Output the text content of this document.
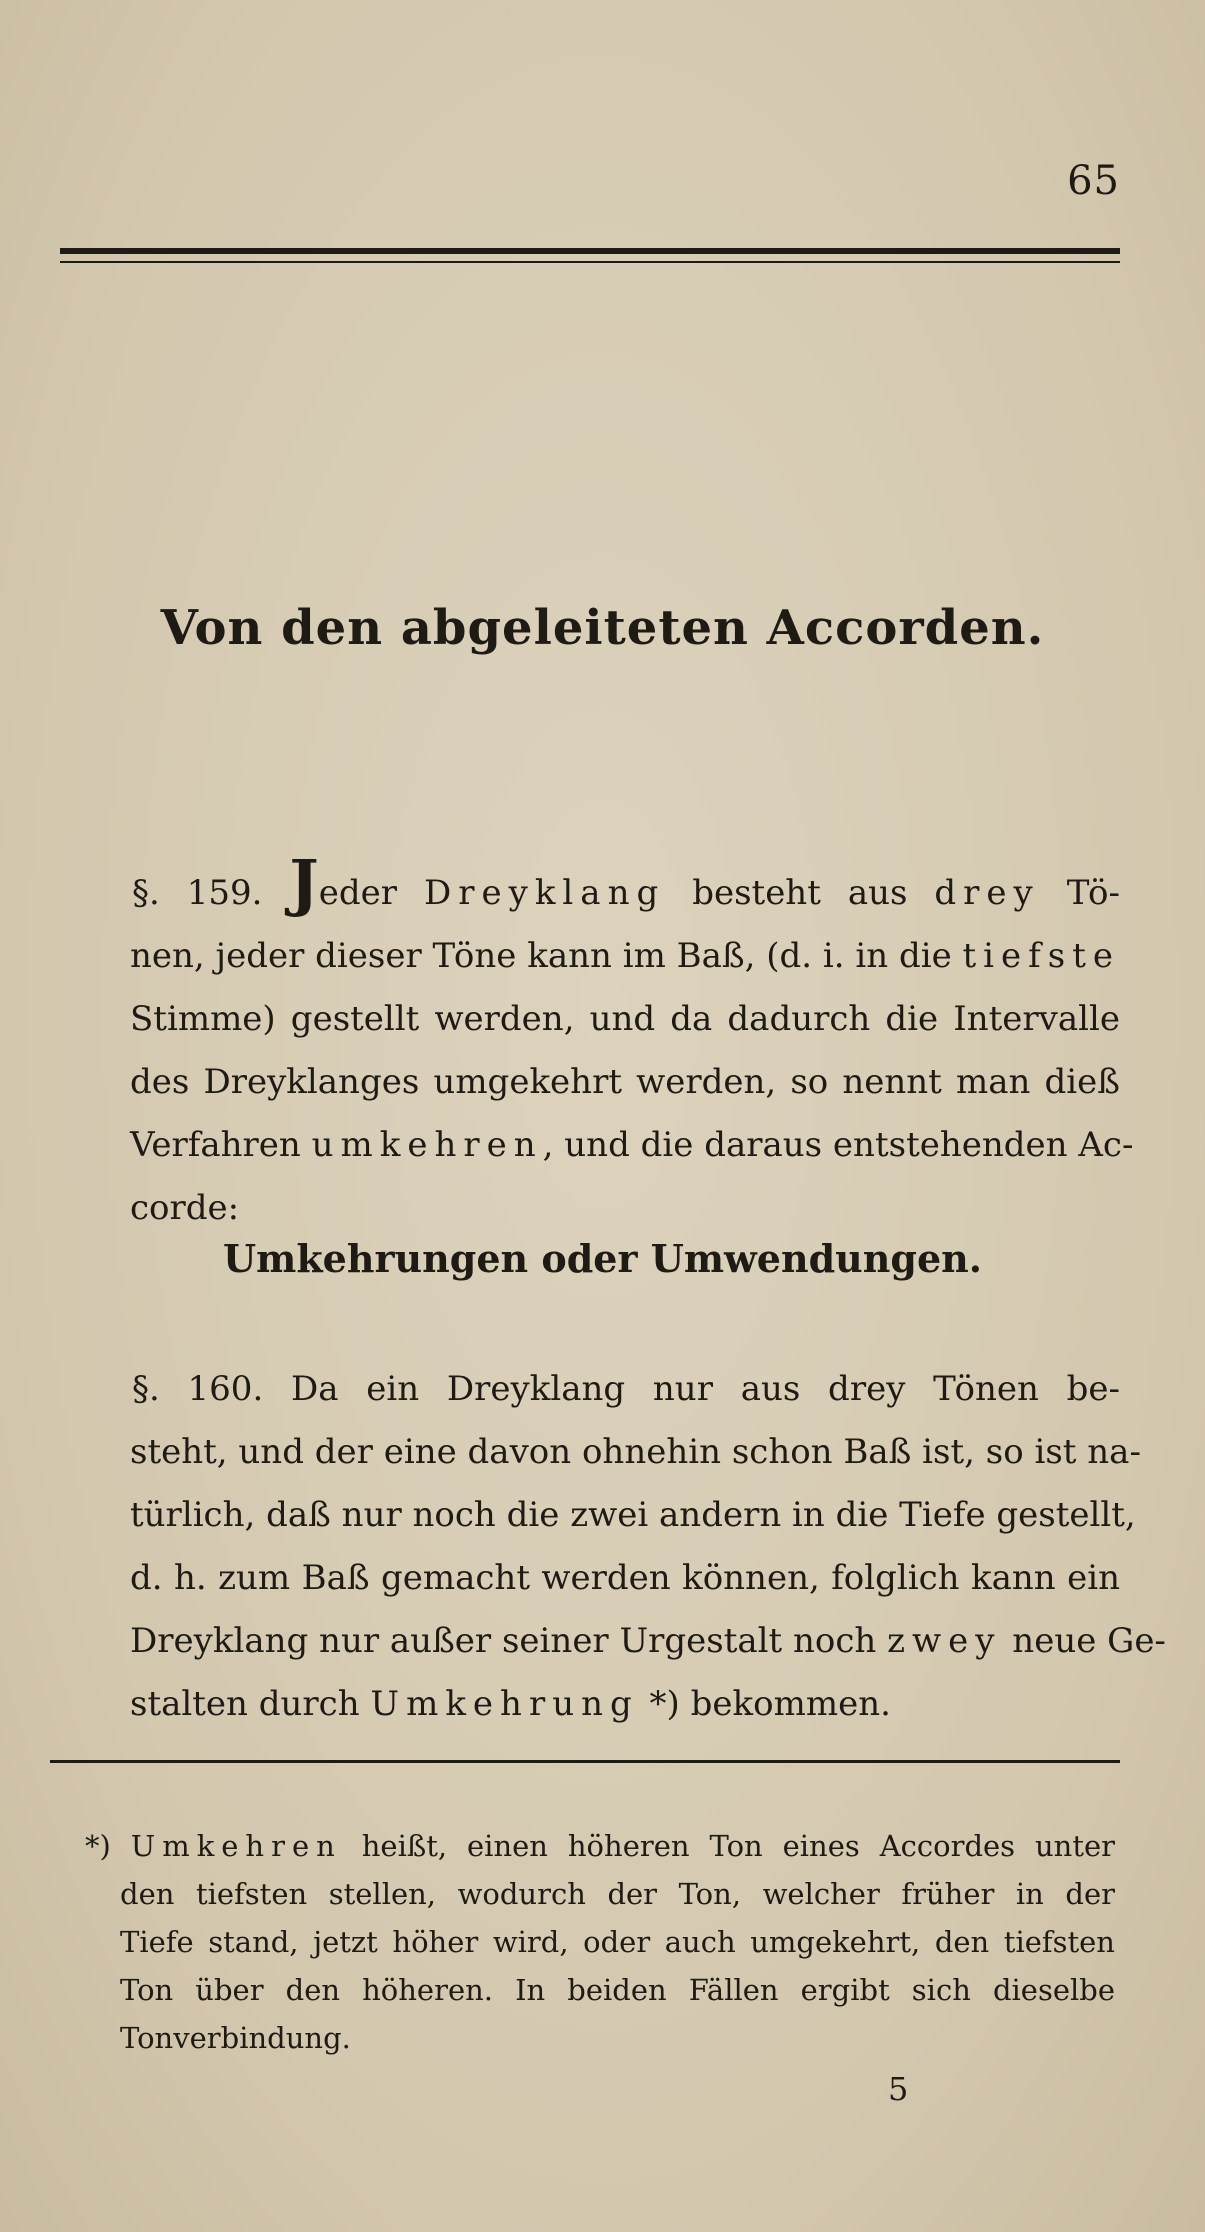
65
Von den abgeleiteten Accorden.
§. 159. Jeder Dreyklang besteht aus drey Tö-
nen, jeder dieser Töne kann im Baß, (d. i. in die tiefste
Stimme) gestellt werden, und da dadurch die Intervalle
des Dreyklanges umgekehrt werden, so nennt man dieß
Verfahren umkehren, und die daraus entstehenden Ac-
corde:
Umkehrungen oder Umwendungen.
§. 160. Da ein Dreyklang nur aus drey Tönen be-
steht, und der eine davon ohnehin schon Baß ist, so ist na-
türlich, daß nur noch die zwei andern in die Tiefe gestellt,
d. h. zum Baß gemacht werden können, folglich kann ein
Dreyklang nur außer seiner Urgestalt noch zwey neue Ge-
stalten durch Umkehrung *) bekommen.
*) Umkehren heißt, einen höheren Ton eines Accordes unter
den tiefsten stellen, wodurch der Ton, welcher früher in der
Tiefe stand, jetzt höher wird, oder auch umgekehrt, den tiefsten
Ton über den höheren. In beiden Fällen ergibt sich dieselbe
Tonverbindung.
5
